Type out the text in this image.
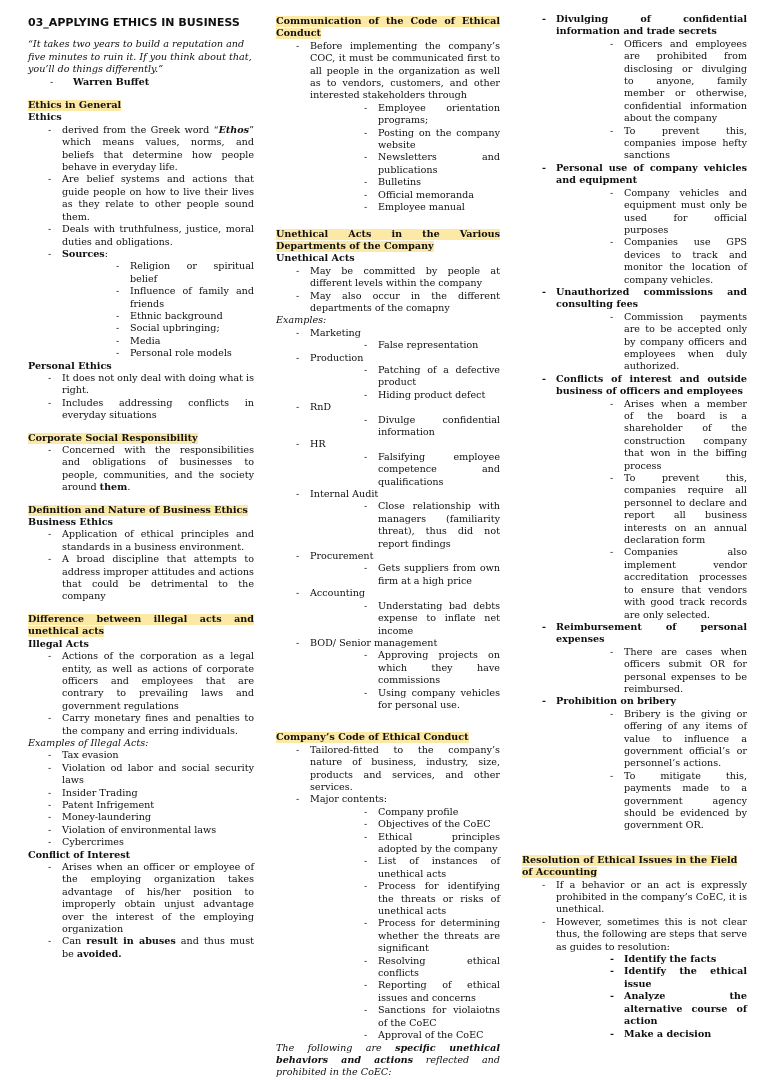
03_APPLYING ETHICS IN BUSINESS

“It takes two years to build a reputation and five minutes to ruin it. If you think about that, you’ll do things differently.”

- Warren Buffet

Ethics in General

Ethics

- derived from the Greek word “Ethos” which means values, norms, and beliefs that determine how people behave in everyday life.
- Are belief systems and actions that guide people on how to live their lives as they relate to other people sound them.
- Deals with truthfulness, justice, moral duties and obligations.
- Sources:
- Religion or spiritual belief
- Influence of family and friends
- Ethnic background
- Social upbringing;
- Media
- Personal role models

Personal Ethics

- It does not only deal with doing what is right.
- Includes addressing conflicts in everyday situations

Corporate Social Responsibility

- Concerned with the responsibilities and obligations of businesses to people, communities, and the society around them.

Definition and Nature of Business Ethics

Business Ethics

- Application of ethical principles and standards in a business environment.
- A broad discipline that attempts to address improper attitudes and actions that could be detrimental to the company

Difference between illegal acts and unethical acts

Illegal Acts

- Actions of the corporation as a legal entity, as well as actions of corporate officers and employees that are contrary to prevailing laws and government regulations
- Carry monetary fines and penalties to the company and erring individuals.

Examples of Illegal Acts:

- Tax evasion
- Violation od labor and social security laws
- Insider Trading
- Patent Infrigement
- Money-laundering
- Violation of environmental laws
- Cybercrimes

Conflict of Interest

- Arises when an officer or employee of the employing organization takes advantage of his/her position to improperly obtain unjust advantage over the interest of the employing organization
- Can result in abuses and thus must be avoided.

Communication of the Code of Ethical Conduct

- Before implementing the company’s COC, it must be communicated first to all people in the organization as well as to vendors, customers, and other interested stakeholders through
- Employee orientation programs;
- Posting on the company website
- Newsletters and publications
- Bulletins
- Official memoranda
- Employee manual

Unethical Acts in the Various Departments of the Company

Unethical Acts

- May be committed by people at different levels within the company
- May also occur in the different departments of the comapny

Examples:

- Marketing
- False representation
- Production
- Patching of a defective product
- Hiding product defect
- RnD
- Divulge confidential information
- HR
- Falsifying employee competence and qualifications
- Internal Audit
- Close relationship with managers (familiarity threat), thus did not report findings
- Procurement
- Gets suppliers from own firm at a high price
- Accounting
- Understating bad debts expense to inflate net income
- BOD/ Senior management
- Approving projects on which they have commissions
- Using company vehicles for personal use.

Company’s Code of Ethical Conduct

- Tailored-fitted to the company’s nature of business, industry, size, products and services, and other services.
- Major contents:
- Company profile
- Objectives of the CoEC
- Ethical principles adopted by the company
- List of instances of unethical acts
- Process for identifying the threats or risks of unethical acts
- Process for determining whether the threats are significant
- Resolving ethical conflicts
- Reporting of ethical issues and concerns
- Sanctions for violaiotns of the CoEC
- Approval of the CoEC

The following are specific unethical behaviors and actions reflected and prohibited in the CoEC:

- Divulging of confidential information and trade secrets
- Officers and employees are prohibited from disclosing or divulging to anyone, family member or otherwise, confidential information about the company
- To prevent this, companies impose hefty sanctions
- Personal use of company vehicles and equipment
- Company vehicles and equipment must only be used for official purposes
- Companies use GPS devices to track and monitor the location of company vehicles.
- Unauthorized commissions and consulting fees
- Commission payments are to be accepted only by company officers and employees when duly authorized.
- Conflicts of interest and outside business of officers and employees
- Arises when a member of the board is a shareholder of the construction company that won in the biffing process
- To prevent this, companies require all personnel to declare and report all business interests on an annual declaration form
- Companies also implement vendor accreditation processes to ensure that vendors with good track records are only selected.
- Reimbursement of personal expenses
- There are cases when officers submit OR for personal expenses to be reimbursed.
- Prohibition on bribery
- Bribery is the giving or offering of any items of value to influence a government official’s or personnel’s actions.
- To mitigate this, payments made to a government agency should be evidenced by government OR.

Resolution of Ethical Issues in the Field of Accounting

- If a behavior or an act is expressly prohibited in the company’s CoEC, it is unethical.
- However, sometimes this is not clear thus, the following are steps that serve as guides to resolution:
- Identify the facts
- Identify the ethical issue
- Analyze the alternative course of action
- Make a decision
